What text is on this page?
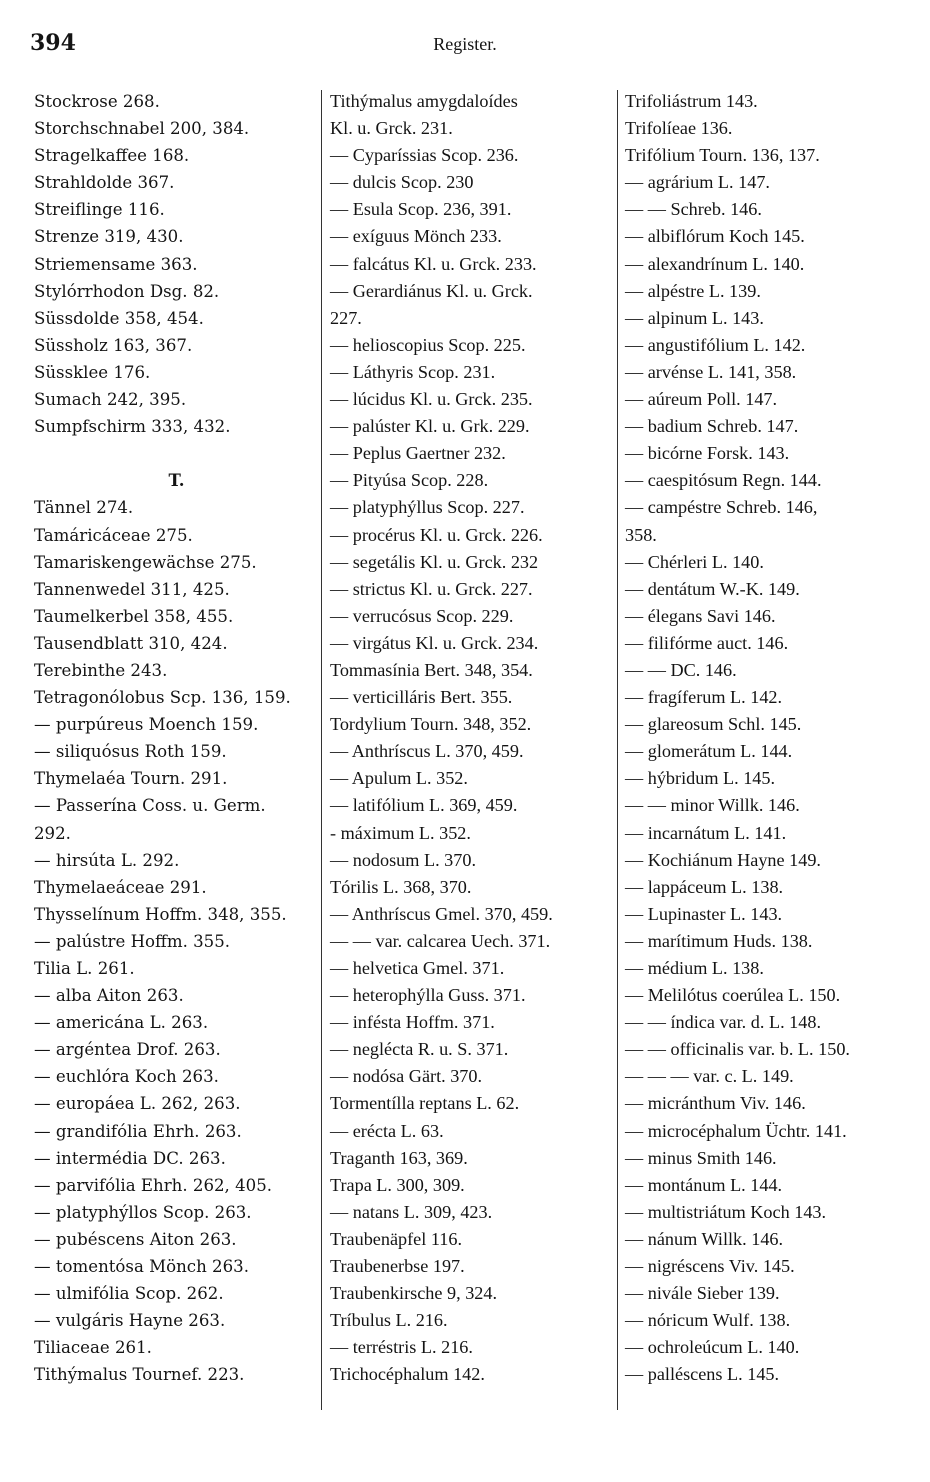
394	Register.
Stockrose 268.
Storchschnabel 200, 384.
Stragelkaffee 168.
Strahldolde 367.
Streiflinge 116.
Strenze 319, 430.
Striemensame 363.
Stylórrhodon Dsg. 82.
Süssdolde 358, 454.
Süssholz 163, 367.
Süssklee 176.
Sumach 242, 395.
Sumpfschirm 333, 432.
T.
Tännel 274.
Tamáricáceae 275.
Tamariskengewächse 275.
Tannenwedel 311, 425.
Taumelkerbel 358, 455.
Tausendblatt 310, 424.
Terebinthe 243.
Tetragonólobus Scp. 136, 159.
— purpúreus Moench 159.
— siliquósus Roth 159.
Thymelaéa Tourn. 291.
— Passerína Coss. u. Germ.
292.
— hirsúta L. 292.
Thymelaeáceae 291.
Thysselínum Hoffm. 348, 355.
— palústre Hoffm. 355.
Tilia L. 261.
— alba Aiton 263.
— americána L. 263.
— argéntea Drof. 263.
— euchlóra Koch 263.
— europáea L. 262, 263.
— grandifólia Ehrh. 263.
— intermédia DC. 263.
— parvifólia Ehrh. 262, 405.
— platyphýllos Scop. 263.
— pubéscens Aiton 263.
— tomentósa Mönch 263.
— ulmifólia Scop. 262.
— vulgáris Hayne 263.
Tiliaceae 261.
Tithýmalus Tournef. 223.
Tithýmalus amygdaloídes
Kl. u. Grck. 231.
— Cyparíssias Scop. 236.
— dulcis Scop. 230
— Esula Scop. 236, 391.
— exíguus Mönch 233.
— falcátus Kl. u. Grck. 233.
— Gerardiánus Kl. u. Grck.
227.
— helioscopius Scop. 225.
— Láthyris Scop. 231.
— lúcidus Kl. u. Grck. 235.
— palúster Kl. u. Grk. 229.
— Peplus Gaertner 232.
— Pityúsa Scop. 228.
— platyphýllus Scop. 227.
— procérus Kl. u. Grck. 226.
— segetális Kl. u. Grck. 232
— strictus Kl. u. Grck. 227.
— verrucósus Scop. 229.
— virgátus Kl. u. Grck. 234.
Tommasínia Bert. 348, 354.
— verticilláris Bert. 355.
Tordylium Tourn. 348, 352.
— Anthríscus L. 370, 459.
— Apulum L. 352.
— latifólium L. 369, 459.
- máximum L. 352.
— nodosum L. 370.
Tórilis L. 368, 370.
— Anthríscus Gmel. 370, 459.
— — var. calcarea Uech. 371.
— helvetica Gmel. 371.
— heterophýlla Guss. 371.
— inféstа Hoffm. 371.
— neglécta R. u. S. 371.
— nodósa Gärt. 370.
Tormentílla reptans L. 62.
— erécta L. 63.
Traganth 163, 369.
Trapa L. 300, 309.
— natans L. 309, 423.
Traubenäpfel 116.
Traubenerbse 197.
Traubenkirsche 9, 324.
Tríbulus L. 216.
— terréstris L. 216.
Trichocéphalum 142.
Trifoliástrum 143.
Trifolíeae 136.
Trifólium Tourn. 136, 137.
— agrárium L. 147.
— — Schreb. 146.
— albiflórum Koch 145.
— alexandrínum L. 140.
— alpéstre L. 139.
— alpinum L. 143.
— angustifólium L. 142.
— arvénse L. 141, 358.
— aúreum Poll. 147.
— badium Schreb. 147.
— bicórne Forsk. 143.
— caespitósum Regn. 144.
— campéstre Schreb. 146,
358.
— Chérleri L. 140.
— dentátum W.-K. 149.
— élegans Savi 146.
— filifórme auct. 146.
— — DC. 146.
— fragíferum L. 142.
— glareosum Schl. 145.
— glomerátum L. 144.
— hýbridum L. 145.
— — minor Willk. 146.
— incarnátum L. 141.
— Kochiánum Hayne 149.
— lappáceum L. 138.
— Lupinaster L. 143.
— marítimum Huds. 138.
— médium L. 138.
— Melilótus coerúlea L. 150.
— — índica var. d. L. 148.
— — officinalis var. b. L. 150.
— — — var. c. L. 149.
— micránthum Viv. 146.
— microcéphalum Üchtr. 141.
— minus Smith 146.
— montánum L. 144.
— multistriátum Koch 143.
— nánum Willk. 146.
— nigréscens Viv. 145.
— nivále Sieber 139.
— nóricum Wulf. 138.
— ochroleúcum L. 140.
— palléscens L. 145.
